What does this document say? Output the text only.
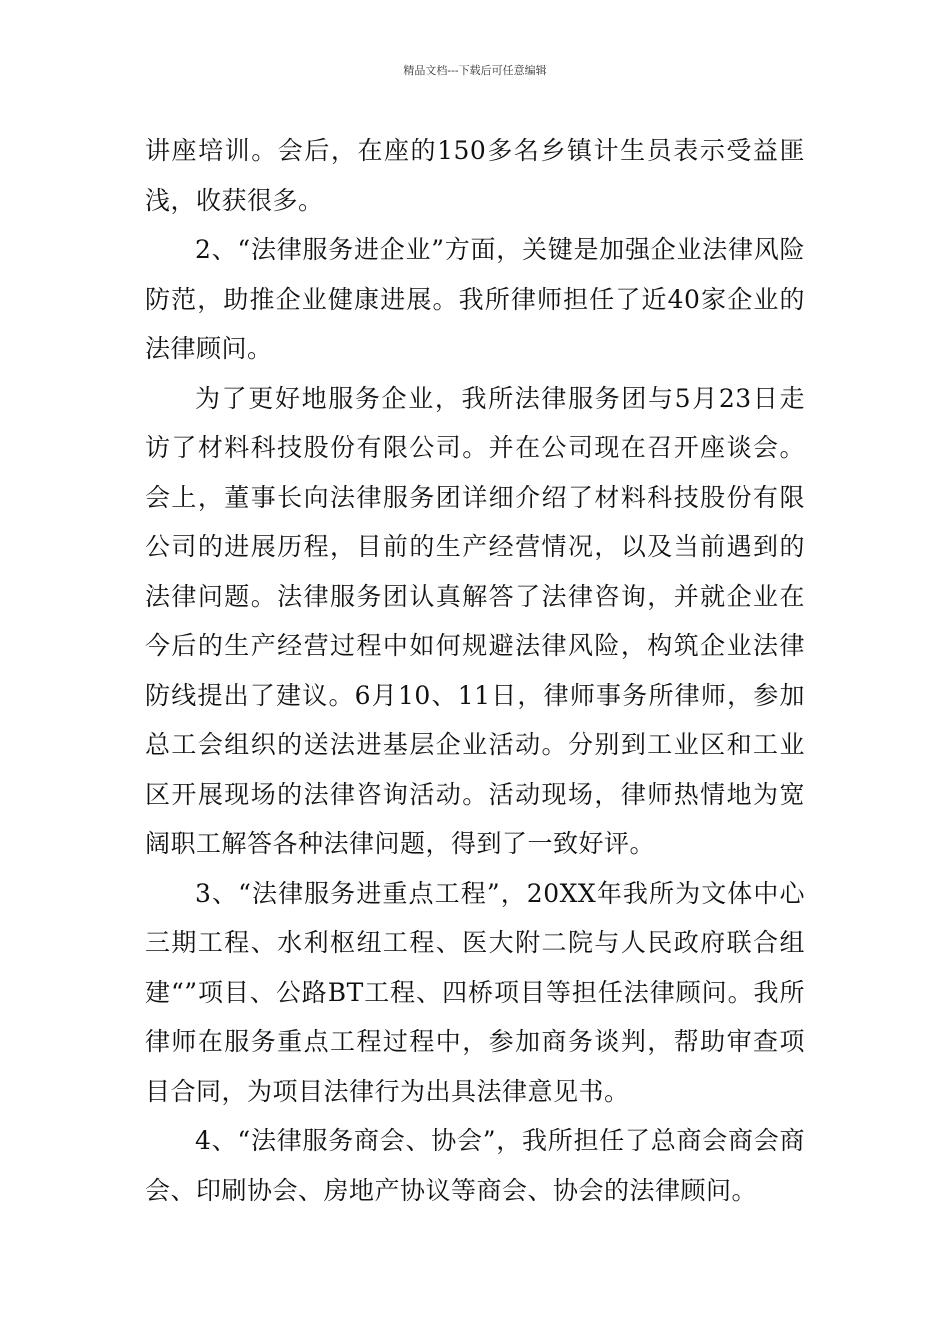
精品文档---下载后可任意编辑

讲座培训。会后，在座的150多名乡镇计生员表示受益匪浅，收获很多。

2、“法律服务进企业”方面，关键是加强企业法律风险防范，助推企业健康进展。我所律师担任了近40家企业的法律顾问。

为了更好地服务企业，我所法律服务团与5月23日走访了材料科技股份有限公司。并在公司现在召开座谈会。会上，董事长向法律服务团详细介绍了材料科技股份有限公司的进展历程，目前的生产经营情况，以及当前遇到的法律问题。法律服务团认真解答了法律咨询，并就企业在今后的生产经营过程中如何规避法律风险，构筑企业法律防线提出了建议。6月10、11日，律师事务所律师，参加总工会组织的送法进基层企业活动。分别到工业区和工业区开展现场的法律咨询活动。活动现场，律师热情地为宽阔职工解答各种法律问题，得到了一致好评。

3、“法律服务进重点工程”，20XX年我所为文体中心三期工程、水利枢纽工程、医大附二院与人民政府联合组建“”项目、公路BT工程、四桥项目等担任法律顾问。我所律师在服务重点工程过程中，参加商务谈判，帮助审查项目合同，为项目法律行为出具法律意见书。

4、“法律服务商会、协会”，我所担任了总商会商会商会、印刷协会、房地产协议等商会、协会的法律顾问。
